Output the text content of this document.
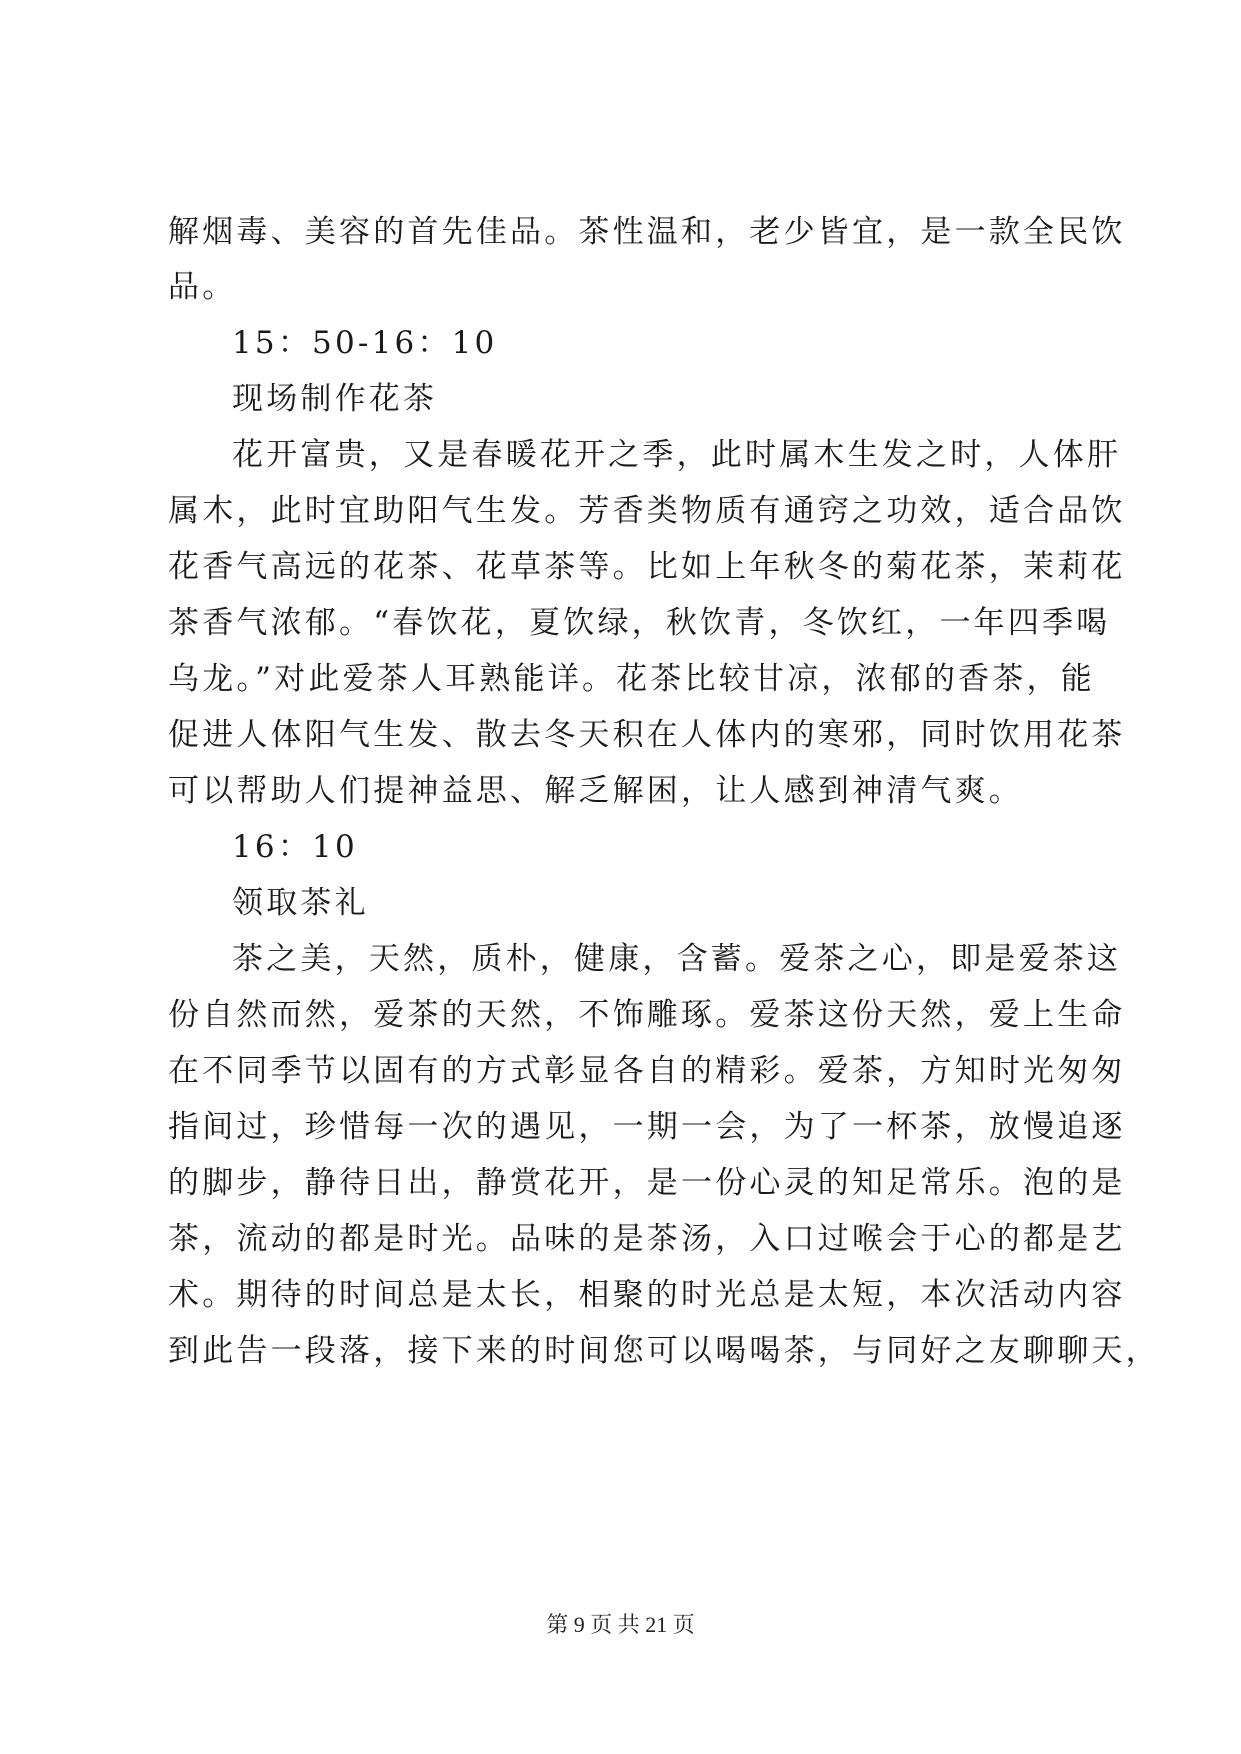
解烟毒、美容的首先佳品。茶性温和，老少皆宜，是一款全民饮
品。
15：50-16：10
现场制作花茶
花开富贵，又是春暖花开之季，此时属木生发之时，人体肝
属木，此时宜助阳气生发。芳香类物质有通窍之功效，适合品饮
花香气高远的花茶、花草茶等。比如上年秋冬的菊花茶，茉莉花
茶香气浓郁。“春饮花，夏饮绿，秋饮青，冬饮红，一年四季喝
乌龙。”对此爱茶人耳熟能详。花茶比较甘凉，浓郁的香茶，能
促进人体阳气生发、散去冬天积在人体内的寒邪，同时饮用花茶
可以帮助人们提神益思、解乏解困，让人感到神清气爽。
16：10
领取茶礼
茶之美，天然，质朴，健康，含蓄。爱茶之心，即是爱茶这
份自然而然，爱茶的天然，不饰雕琢。爱茶这份天然，爱上生命
在不同季节以固有的方式彰显各自的精彩。爱茶，方知时光匆匆
指间过，珍惜每一次的遇见，一期一会，为了一杯茶，放慢追逐
的脚步，静待日出，静赏花开，是一份心灵的知足常乐。泡的是
茶，流动的都是时光。品味的是茶汤，入口过喉会于心的都是艺
术。期待的时间总是太长，相聚的时光总是太短，本次活动内容
到此告一段落，接下来的时间您可以喝喝茶，与同好之友聊聊天，
第 9 页 共 21 页
